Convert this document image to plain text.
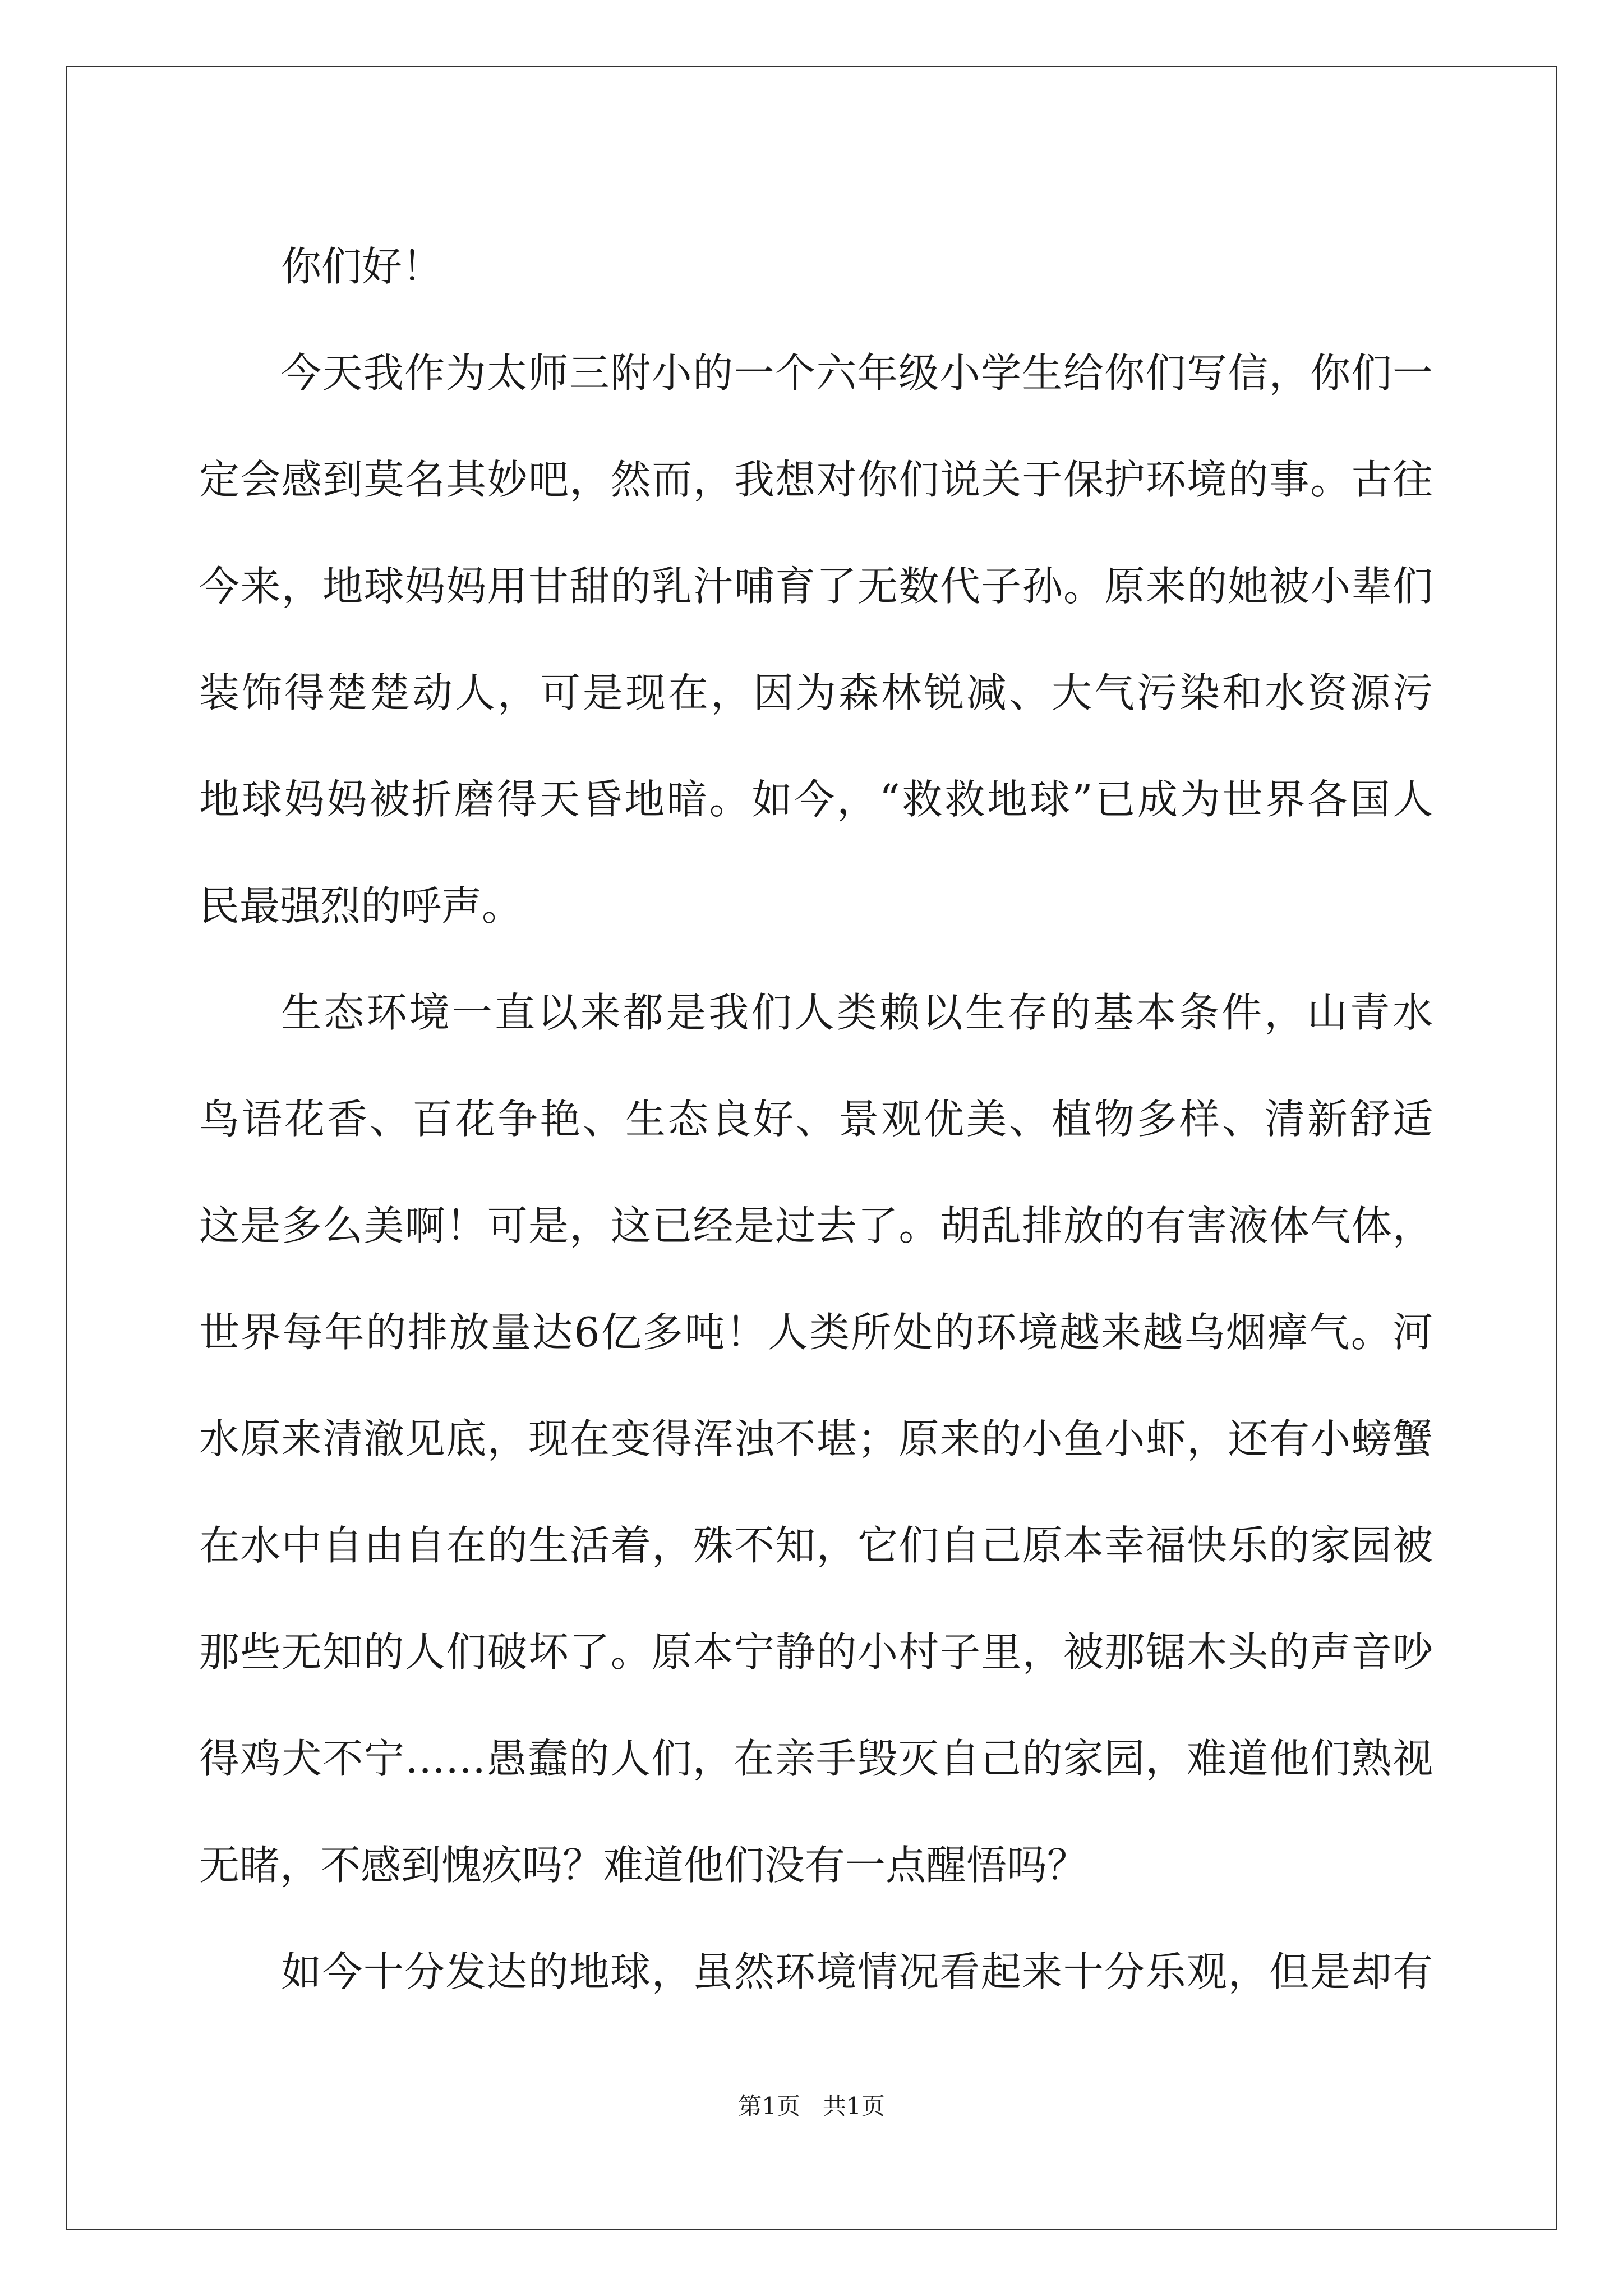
你们好！
今天我作为太师三附小的一个六年级小学生给你们写信，你们一
定会感到莫名其妙吧，然而，我想对你们说关于保护环境的事。古往
今来，地球妈妈用甘甜的乳汁哺育了无数代子孙。原来的她被小辈们
装饰得楚楚动人，可是现在，因为森林锐减、大气污染和水资源污
地球妈妈被折磨得天昏地暗。如今，“救救地球”已成为世界各国人
民最强烈的呼声。
生态环境一直以来都是我们人类赖以生存的基本条件，山青水
鸟语花香、百花争艳、生态良好、景观优美、植物多样、清新舒适
这是多么美啊！可是，这已经是过去了。胡乱排放的有害液体气体，
世界每年的排放量达6亿多吨！人类所处的环境越来越乌烟瘴气。河
水原来清澈见底，现在变得浑浊不堪；原来的小鱼小虾，还有小螃蟹
在水中自由自在的生活着，殊不知，它们自己原本幸福快乐的家园被
那些无知的人们破坏了。原本宁静的小村子里，被那锯木头的声音吵
得鸡犬不宁……愚蠢的人们，在亲手毁灭自己的家园，难道他们熟视
无睹，不感到愧疚吗？难道他们没有一点醒悟吗？
如今十分发达的地球，虽然环境情况看起来十分乐观，但是却有
第1页   共1页
